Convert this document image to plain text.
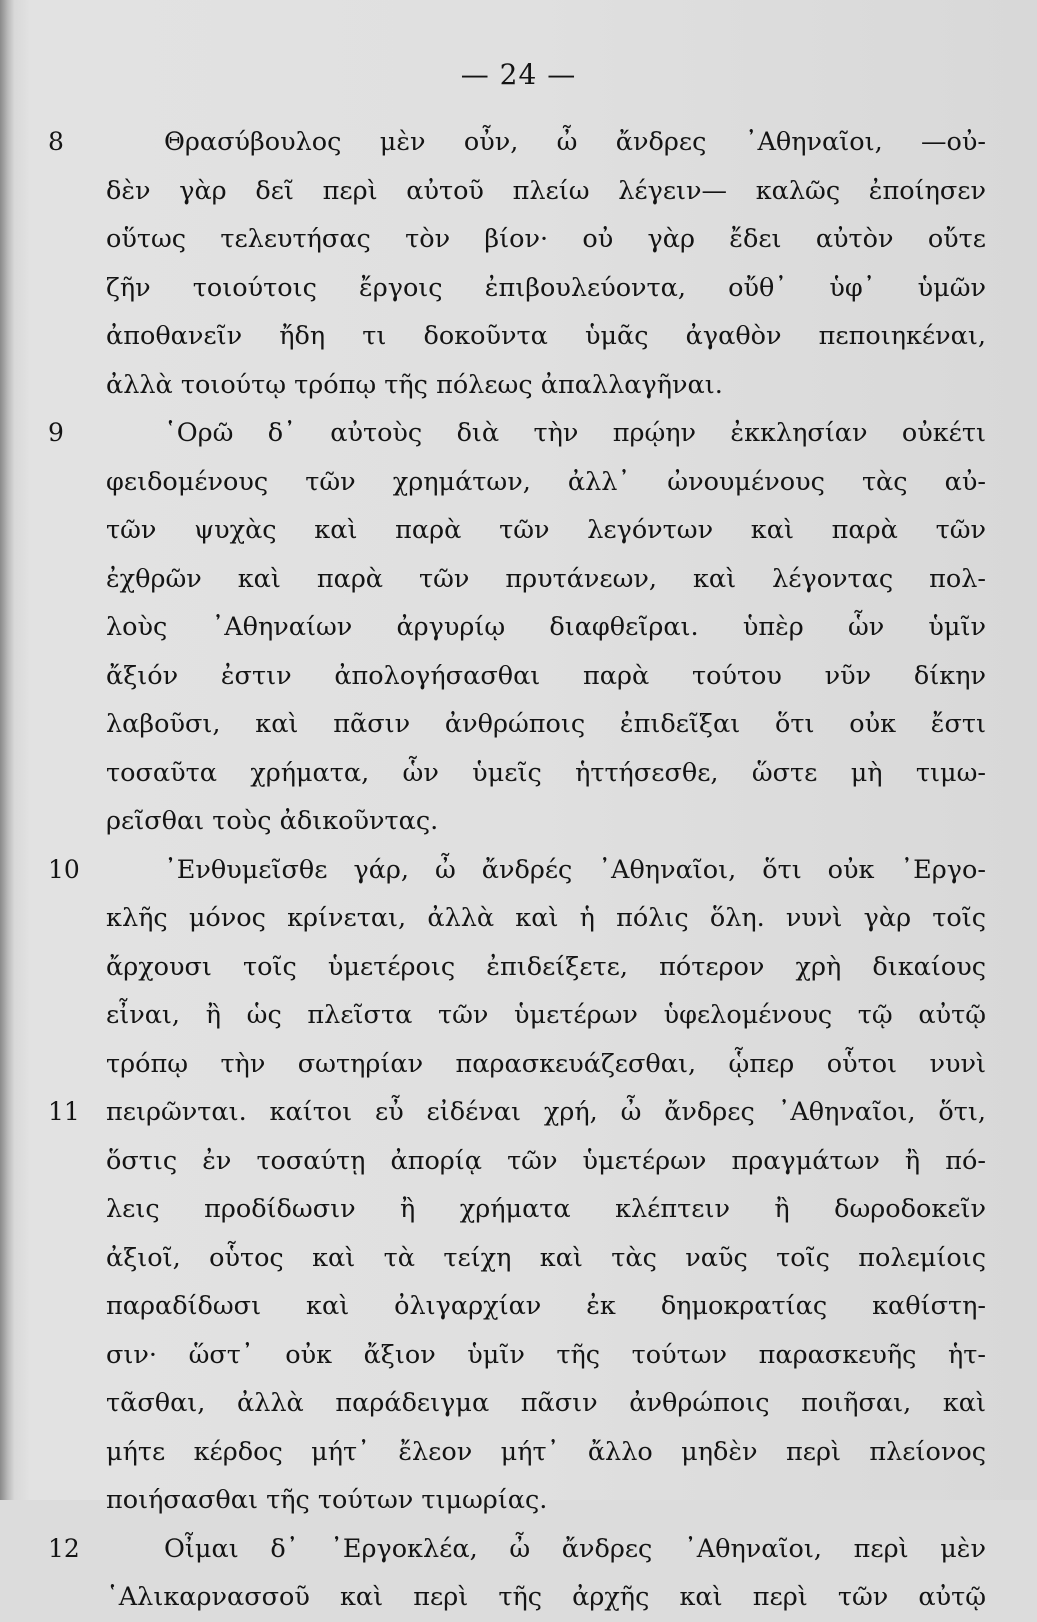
— 24 —
8	Θρασύβουλος μὲν οὖν, ὦ ἄνδρες ᾿Αθηναῖοι, —οὐ-
δὲν γὰρ δεῖ περὶ αὐτοῦ πλείω λέγειν— καλῶς ἐποίησεν
οὕτως τελευτήσας τὸν βίον· οὐ γὰρ ἔδει αὐτὸν οὔτε
ζῆν τοιούτοις ἔργοις ἐπιβουλεύοντα, οὔθ᾿ ὑφ᾿ ὑμῶν
ἀποθανεῖν ἤδη τι δοκοῦντα ὑμᾶς ἀγαθὸν πεποιηκέναι,
ἀλλὰ τοιούτῳ τρόπῳ τῆς πόλεως ἀπαλλαγῆναι.
9	῾Ορῶ δ᾿ αὐτοὺς διὰ τὴν πρῴην ἐκκλησίαν οὐκέτι
φειδομένους τῶν χρημάτων, ἀλλ᾿ ὠνουμένους τὰς αὐ-
τῶν ψυχὰς καὶ παρὰ τῶν λεγόντων καὶ παρὰ τῶν
ἐχθρῶν καὶ παρὰ τῶν πρυτάνεων, καὶ λέγοντας πολ-
λοὺς ᾿Αθηναίων ἀργυρίῳ διαφθεῖραι. ὑπὲρ ὧν ὑμῖν
ἄξιόν ἐστιν ἀπολογήσασθαι παρὰ τούτου νῦν δίκην
λαβοῦσι, καὶ πᾶσιν ἀνθρώποις ἐπιδεῖξαι ὅτι οὐκ ἔστι
τοσαῦτα χρήματα, ὧν ὑμεῖς ἡττήσεσθε, ὥστε μὴ τιμω-
ρεῖσθαι τοὺς ἀδικοῦντας.
10	᾿Ενθυμεῖσθε γάρ, ὦ ἄνδρές ᾿Αθηναῖοι, ὅτι οὐκ ᾿Εργο-
κλῆς μόνος κρίνεται, ἀλλὰ καὶ ἡ πόλις ὅλη. νυνὶ γὰρ τοῖς
ἄρχουσι τοῖς ὑμετέροις ἐπιδείξετε, πότερον χρὴ δικαίους
εἶναι, ἢ ὡς πλεῖστα τῶν ὑμετέρων ὑφελομένους τῷ αὐτῷ
τρόπῳ τὴν σωτηρίαν παρασκευάζεσθαι, ᾧπερ οὗτοι νυνὶ
11	πειρῶνται. καίτοι εὖ εἰδέναι χρή, ὦ ἄνδρες ᾿Αθηναῖοι, ὅτι,
ὅστις ἐν τοσαύτῃ ἀπορίᾳ τῶν ὑμετέρων πραγμάτων ἢ πό-
λεις προδίδωσιν ἢ χρήματα κλέπτειν ἢ δωροδοκεῖν
ἀξιοῖ, οὗτος καὶ τὰ τείχη καὶ τὰς ναῦς τοῖς πολεμίοις
παραδίδωσι καὶ ὀλιγαρχίαν ἐκ δημοκρατίας καθίστη-
σιν· ὥστ᾿ οὐκ ἄξιον ὑμῖν τῆς τούτων παρασκευῆς ἡτ-
τᾶσθαι, ἀλλὰ παράδειγμα πᾶσιν ἀνθρώποις ποιῆσαι, καὶ
μήτε κέρδος μήτ᾿ ἔλεον μήτ᾿ ἄλλο μηδὲν περὶ πλείονος
ποιήσασθαι τῆς τούτων τιμωρίας.
12	Οἶμαι δ᾿ ᾿Εργοκλέα, ὦ ἄνδρες ᾿Αθηναῖοι, περὶ μὲν
῾Αλικαρνασσοῦ καὶ περὶ τῆς ἀρχῆς καὶ περὶ τῶν αὐτῷ
